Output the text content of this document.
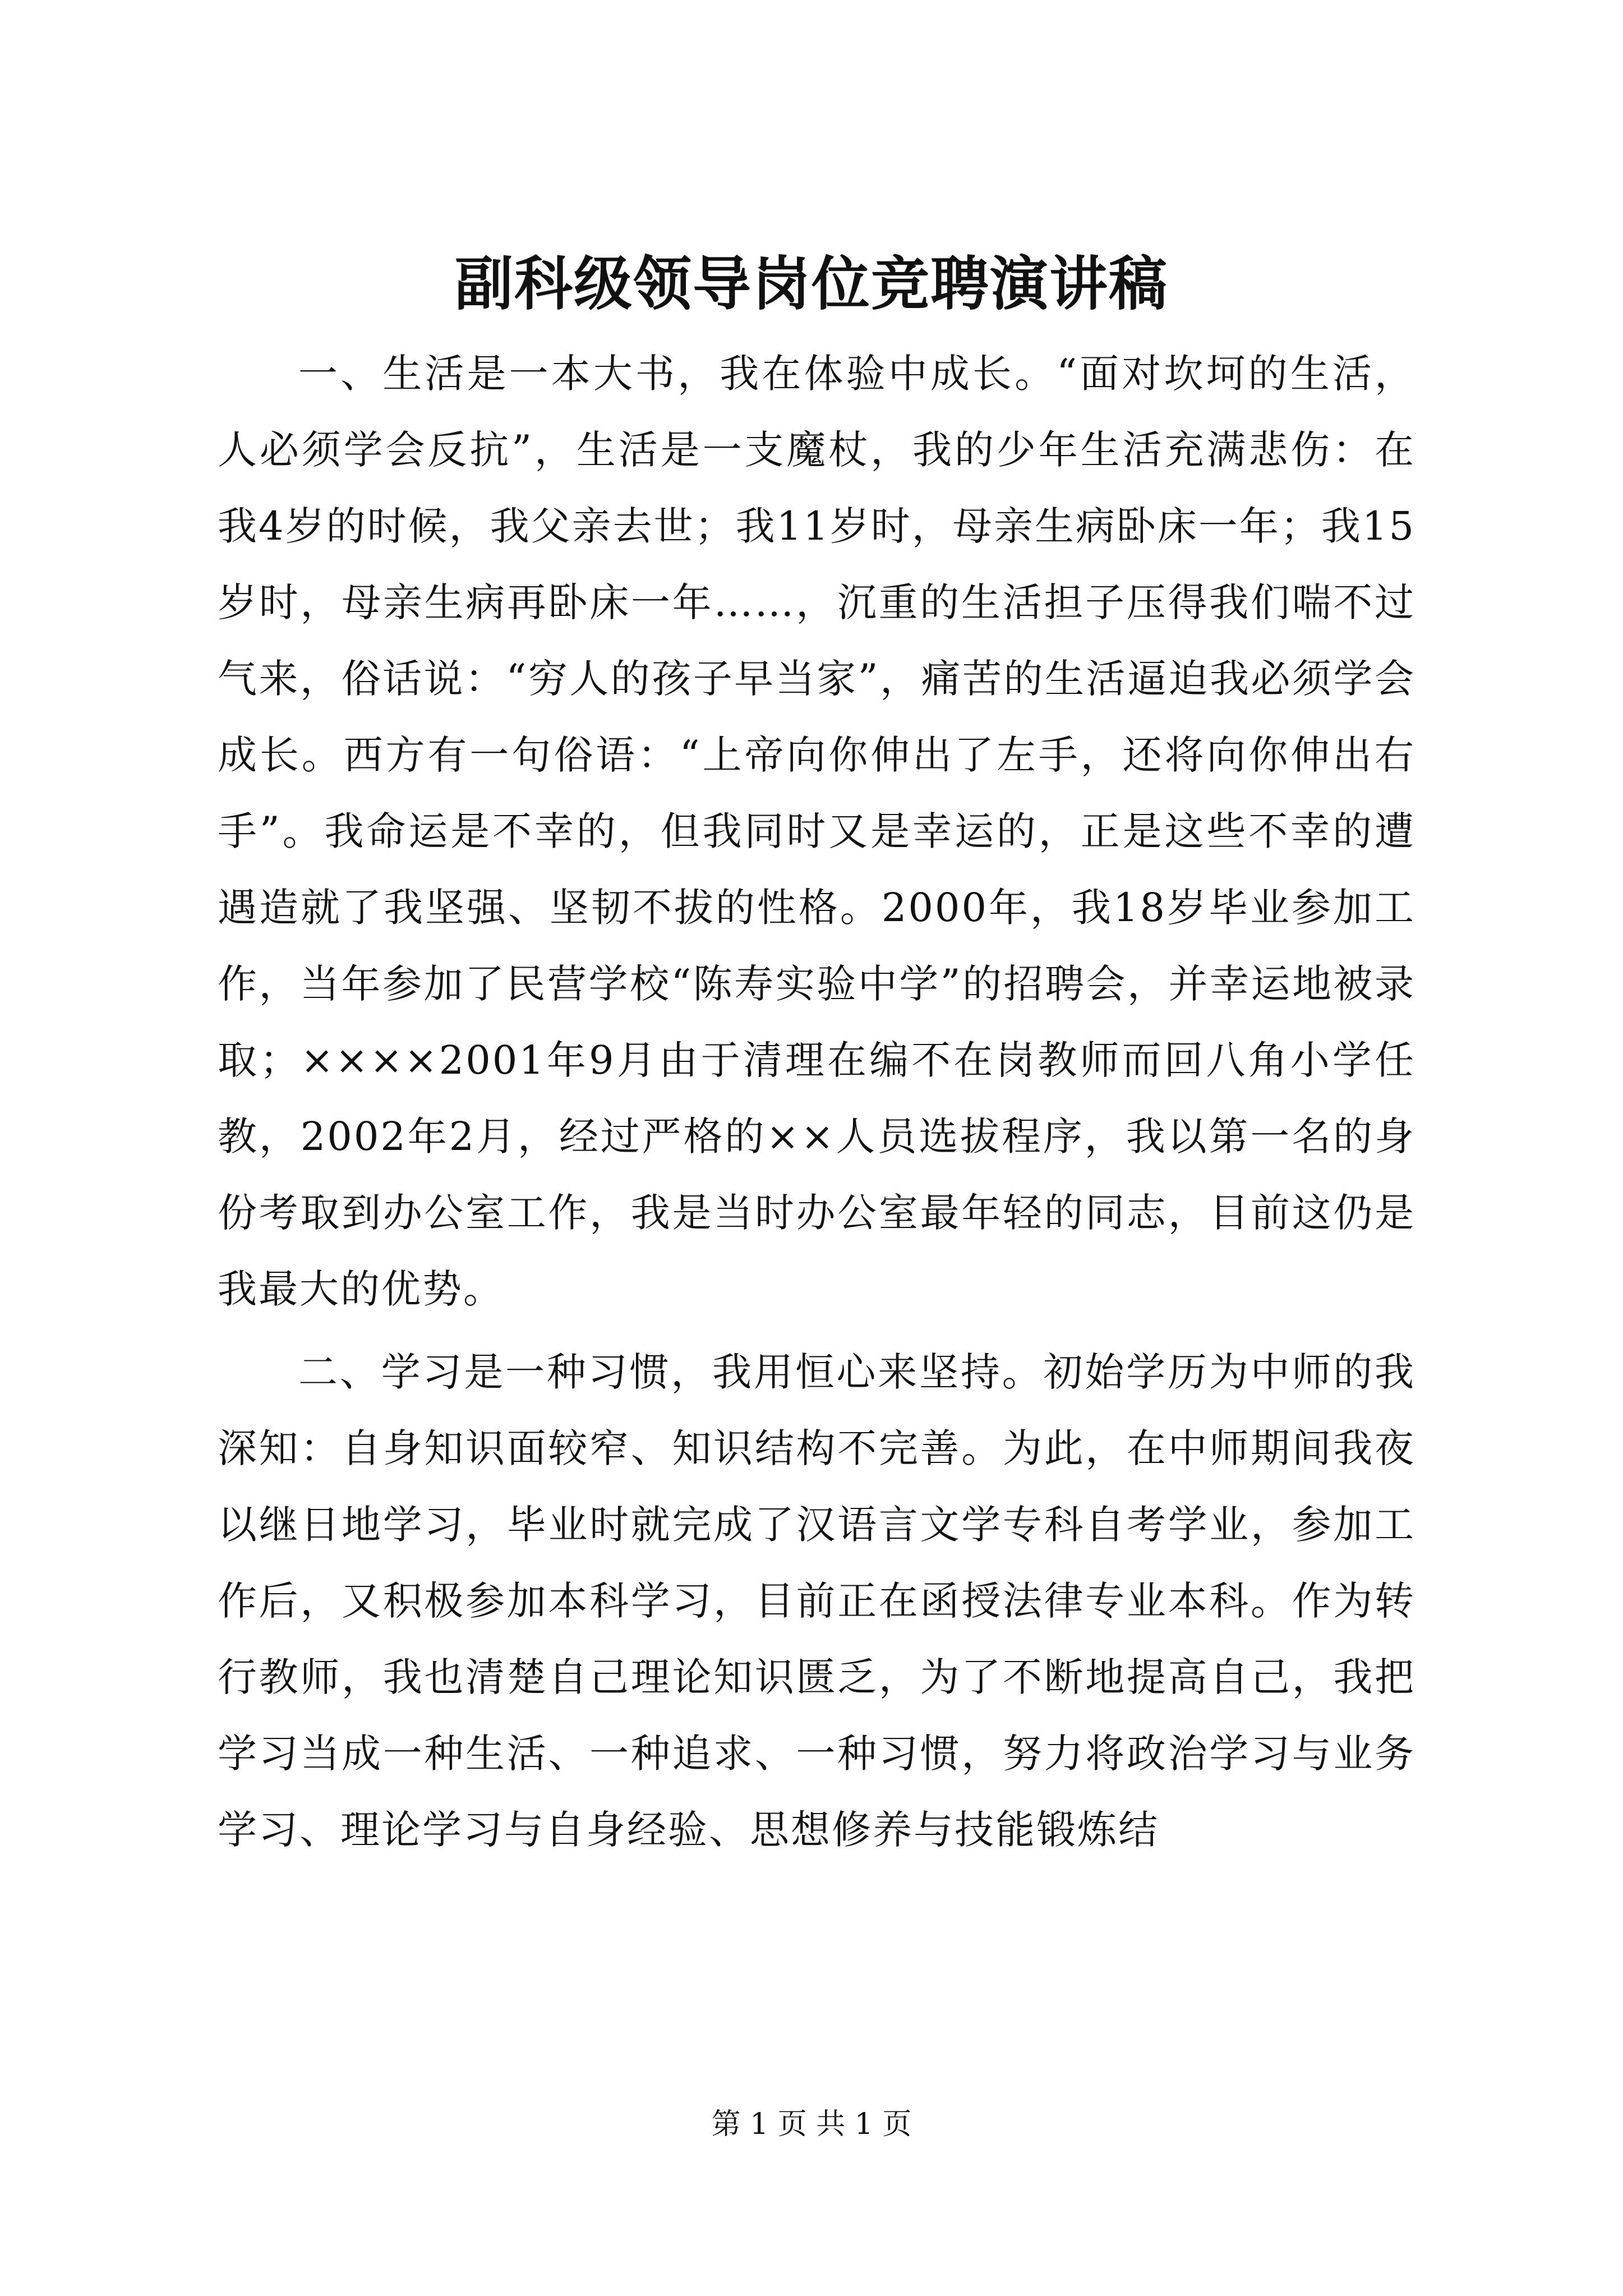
副科级领导岗位竞聘演讲稿

一、生活是一本大书，我在体验中成长。“面对坎坷的生活，人必须学会反抗”，生活是一支魔杖，我的少年生活充满悲伤：在我4岁的时候，我父亲去世；我11岁时，母亲生病卧床一年；我15岁时，母亲生病再卧床一年……，沉重的生活担子压得我们喘不过气来，俗话说：“穷人的孩子早当家”，痛苦的生活逼迫我必须学会成长。西方有一句俗语：“上帝向你伸出了左手，还将向你伸出右手”。我命运是不幸的，但我同时又是幸运的，正是这些不幸的遭遇造就了我坚强、坚韧不拔的性格。2000年，我18岁毕业参加工作，当年参加了民营学校“陈寿实验中学”的招聘会，并幸运地被录取；××××2001年9月由于清理在编不在岗教师而回八角小学任教，2002年2月，经过严格的××人员选拔程序，我以第一名的身份考取到办公室工作，我是当时办公室最年轻的同志，目前这仍是我最大的优势。

二、学习是一种习惯，我用恒心来坚持。初始学历为中师的我深知：自身知识面较窄、知识结构不完善。为此，在中师期间我夜以继日地学习，毕业时就完成了汉语言文学专科自考学业，参加工作后，又积极参加本科学习，目前正在函授法律专业本科。作为转行教师，我也清楚自己理论知识匮乏，为了不断地提高自己，我把学习当成一种生活、一种追求、一种习惯，努力将政治学习与业务学习、理论学习与自身经验、思想修养与技能锻炼结

第 1 页 共 1 页
